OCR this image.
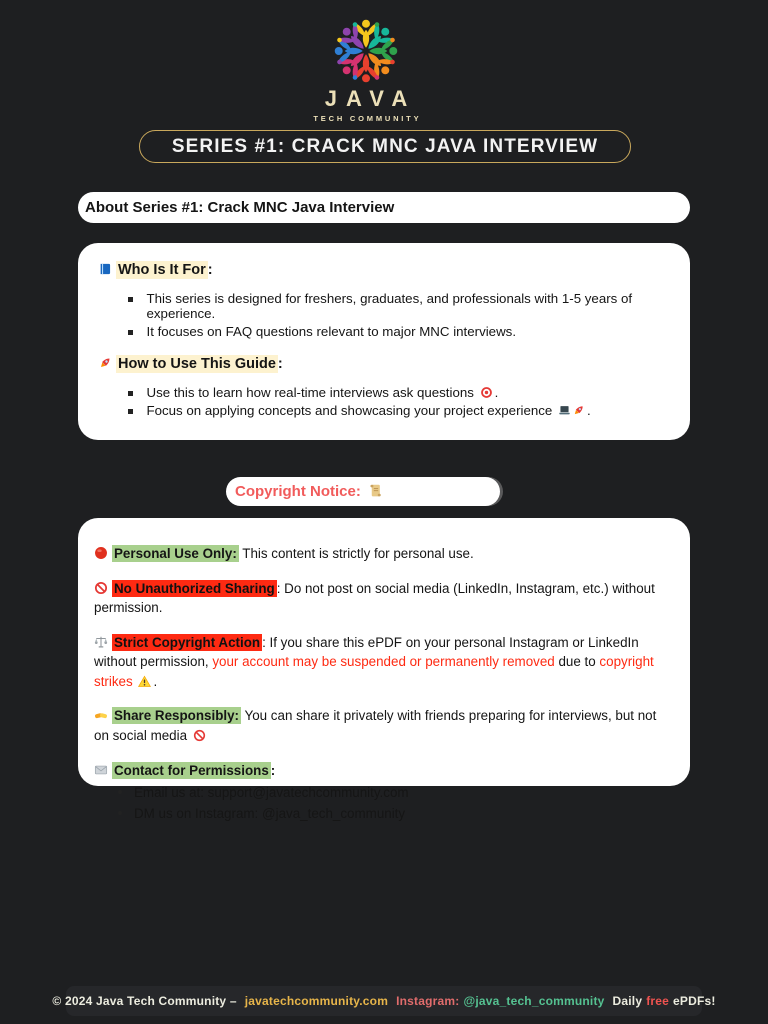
JAVA
TECH COMMUNITY
SERIES #1: CRACK MNC JAVA INTERVIEW
About Series #1: Crack MNC Java Interview
Who Is It For :
This series is designed for freshers, graduates, and professionals with 1-5 years of experience.
It focuses on FAQ questions relevant to major MNC interviews.
How to Use This Guide :
Use this to learn how real-time interviews ask questions .
Focus on applying concepts and showcasing your project experience	.
Copyright Notice:

Personal Use Only: This content is strictly for personal use.

No Unauthorized Sharing : Do not post on social media (LinkedIn, Instagram, etc.) without permission.

Strict Copyright Action : If you share this ePDF on your personal Instagram or LinkedIn without permission, your account may be suspended or permanently removed due to copyright strikes .

Share Responsibly: You can share it privately with friends preparing for interviews, but not on social media

Contact for Permissions :
Email us at: support@javatechcommunity.com
DM us on Instagram: @java_tech_community
© 2024 Java Tech Community – javatechcommunity.com Instagram: @java_tech_community Daily free ePDFs!
